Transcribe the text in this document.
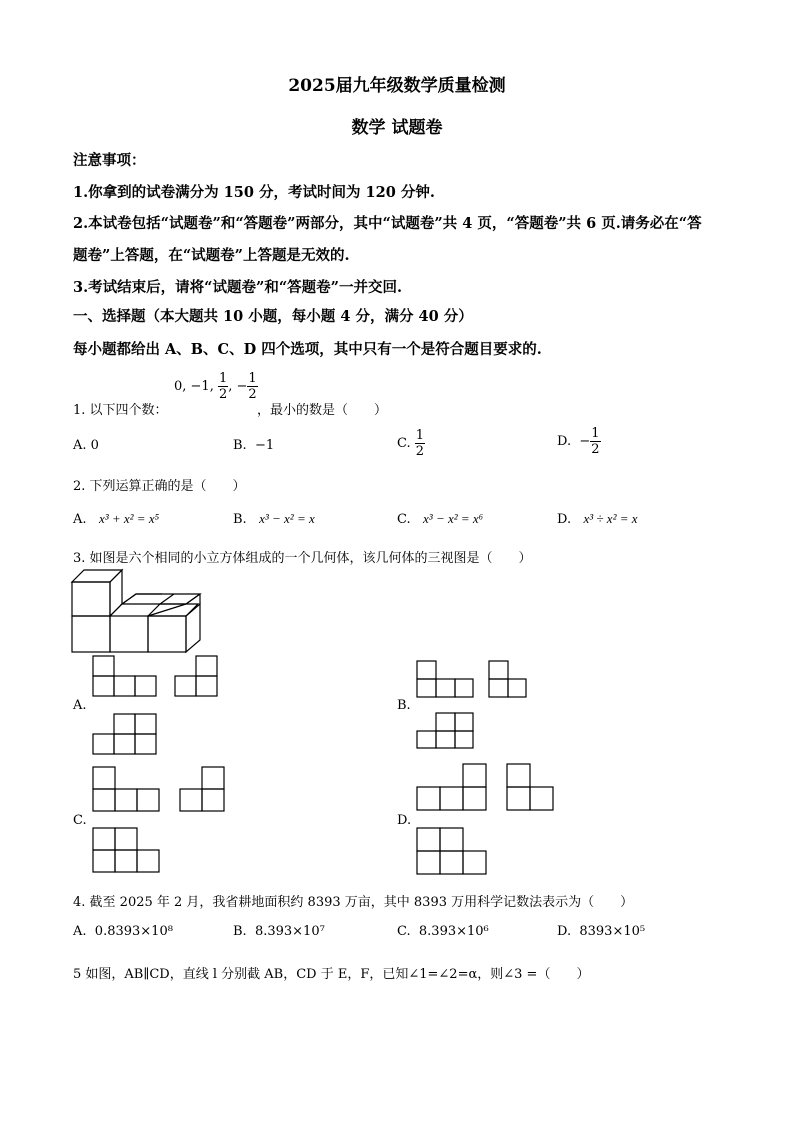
2025届九年级数学质量检测
数学 试题卷
注意事项：
1.你拿到的试卷满分为 150 分，考试时间为 120 分钟.
2.本试卷包括“试题卷”和“答题卷”两部分，其中“试题卷”共 4 页，“答题卷”共 6 页.请务必在“答
题卷”上答题，在“试题卷”上答题是无效的.
3.考试结束后，请将“试题卷”和“答题卷”一并交回.
一、选择题（本大题共 10 小题，每小题 4 分，满分 40 分）
每小题都给出 A、B、C、D 四个选项，其中只有一个是符合题目要求的.
1. 以下四个数：
0, −1, $\frac{1}{2}$ , − $\frac{1}{2}$
，最小的数是（　　）
A. 0	B. −1	C. $\frac{1}{2}$	D. − $\frac{1}{2}$
2. 下列运算正确的是（　　）
A. x³ + x² = x⁵	B. x³ − x² = x	C. x³ − x² = x⁶	D. x³ ÷ x² = x
3. 如图是六个相同的小立方体组成的一个几何体，该几何体的三视图是（　　）
A.	B.
C.	D.
4. 截至 2025 年 2 月，我省耕地面积约 8393 万亩，其中 8393 万用科学记数法表示为（　　）
A. 0.8393×10⁸	B. 8.393×10⁷	C. 8.393×10⁶	D. 8393×10⁵
5 如图，AB∥CD，直线 l 分别截 AB，CD 于 E，F，已知∠1=∠2=α，则∠3 =（　　）
